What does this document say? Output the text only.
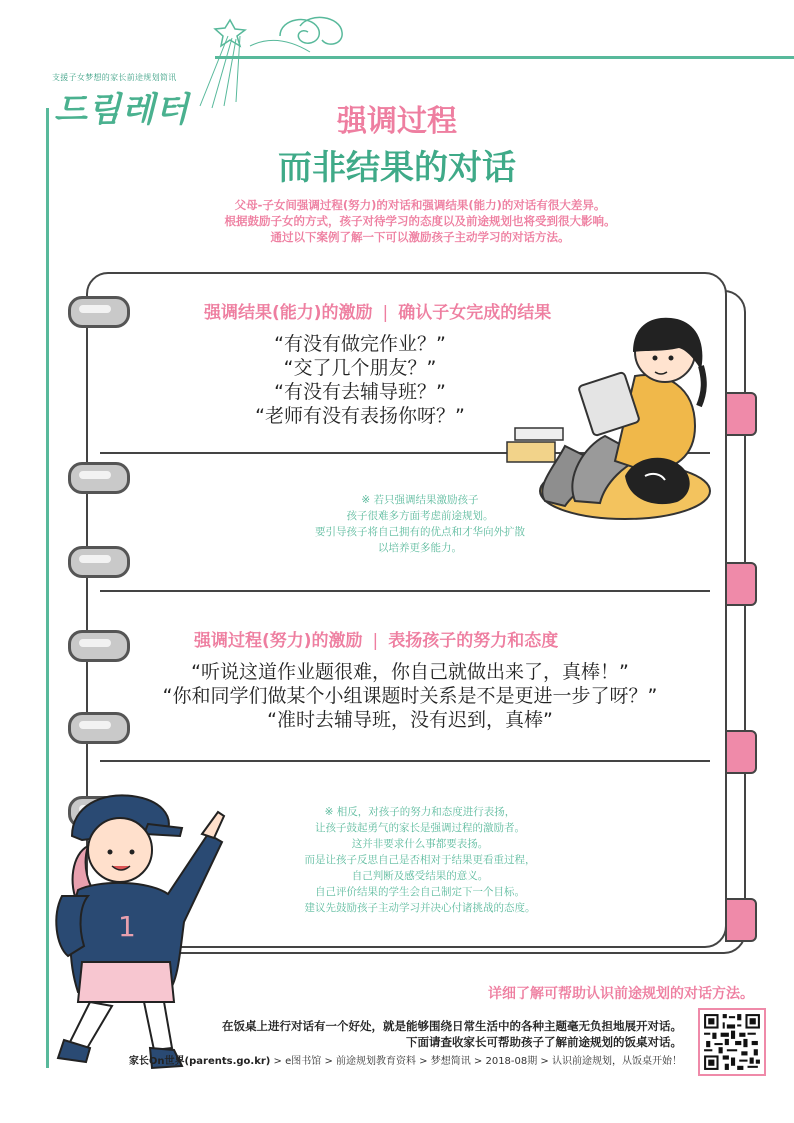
支援子女梦想的家长前途规划简讯
드림레터	强调过程
而非结果的对话
父母-子女间强调过程(努力)的对话和强调结果(能力)的对话有很大差异。
根据鼓励子女的方式，孩子对待学习的态度以及前途规划也将受到很大影响。
通过以下案例了解一下可以激励孩子主动学习的对话方法。
强调结果(能力)的激励 | 确认子女完成的结果
“有没有做完作业？”
“交了几个朋友？”
“有没有去辅导班？”
“老师有没有表扬你呀？”
※ 若只强调结果激励孩子
孩子很难多方面考虑前途规划。
要引导孩子将自己拥有的优点和才华向外扩散
以培养更多能力。
强调过程(努力)的激励 | 表扬孩子的努力和态度
“听说这道作业题很难，你自己就做出来了，真棒！”
“你和同学们做某个小组课题时关系是不是更进一步了呀？”
“准时去辅导班，没有迟到，真棒”
※ 相反，对孩子的努力和态度进行表扬，
让孩子鼓起勇气的家长是强调过程的激励者。
这并非要求什么事都要表扬。
而是让孩子反思自己是否相对于结果更看重过程，
自己判断及感受结果的意义。
自己评价结果的学生会自己制定下一个目标。
建议先鼓励孩子主动学习并决心付诸挑战的态度。
1
详细了解可帮助认识前途规划的对话方法。
在饭桌上进行对话有一个好处，就是能够围绕日常生活中的各种主题毫无负担地展开对话。
下面请查收家长可帮助孩子了解前途规划的饭桌对话。
家长On世界(parents.go.kr) > e图书馆 > 前途规划教育资料 > 梦想简讯 > 2018-08期 > 认识前途规划，从饭桌开始！
